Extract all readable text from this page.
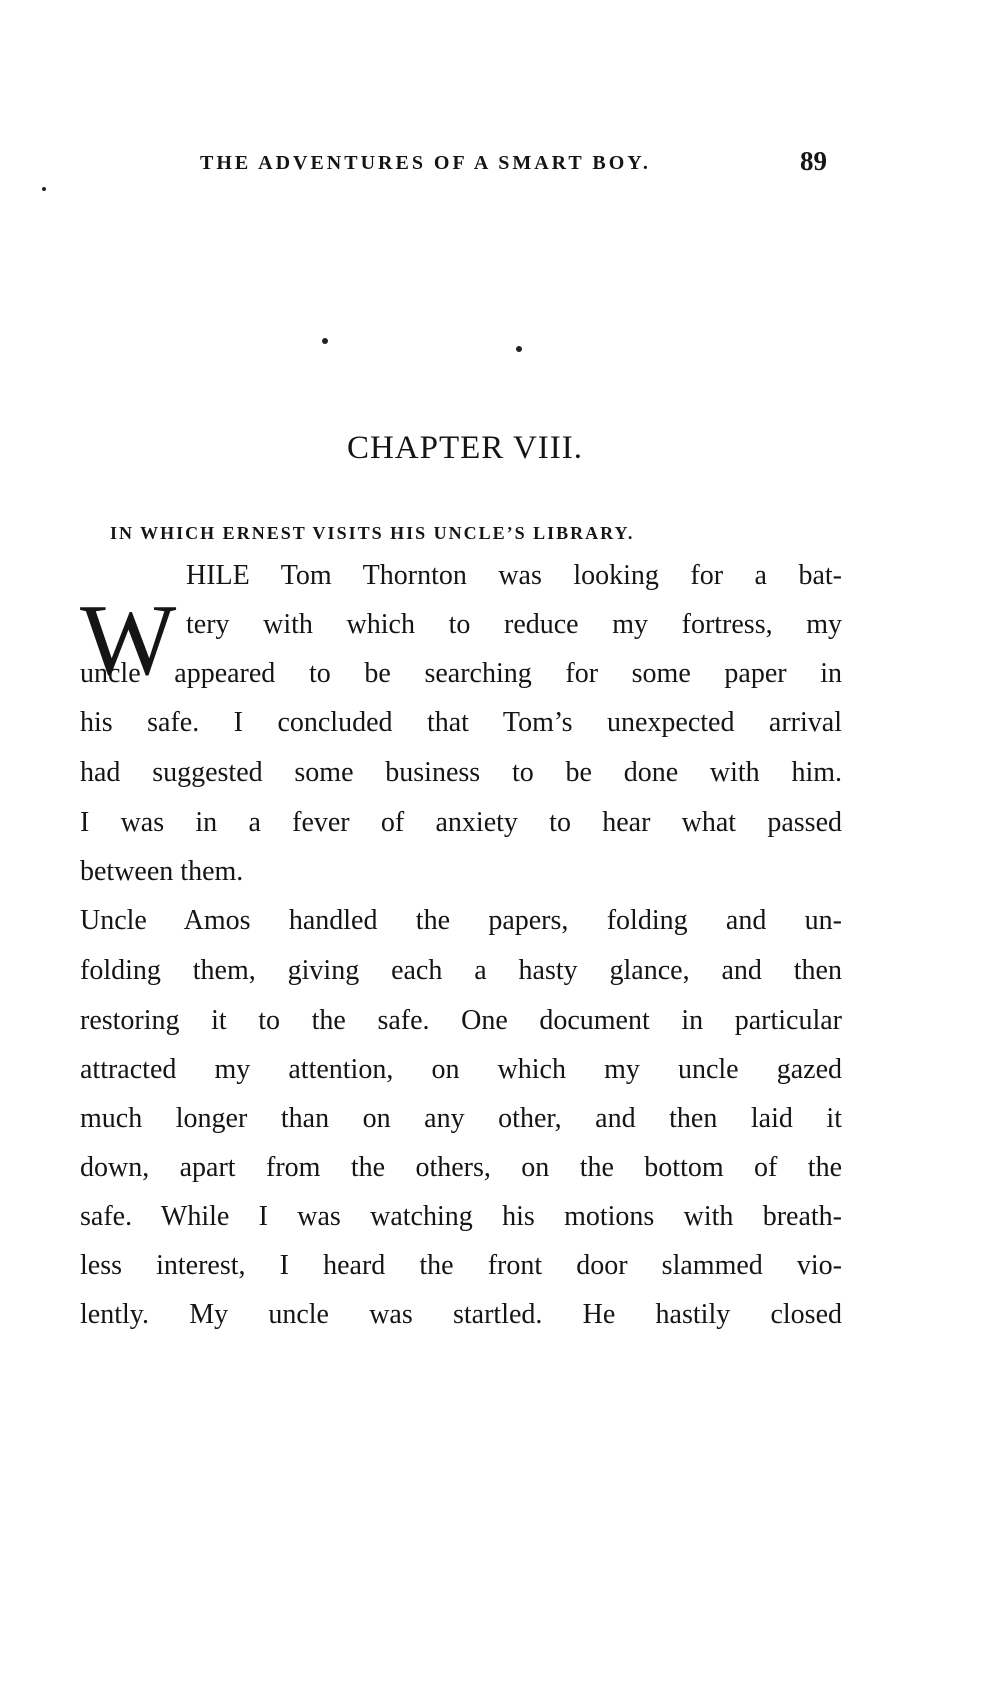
THE ADVENTURES OF A SMART BOY.	89
CHAPTER VIII.
IN WHICH ERNEST VISITS HIS UNCLE’S LIBRARY.
W
HILE Tom Thornton was looking for a bat-
tery with which to reduce my fortress, my
uncle appeared to be searching for some paper in
his safe. I concluded that Tom’s unexpected arrival
had suggested some business to be done with him.
I was in a fever of anxiety to hear what passed
between them.
Uncle Amos handled the papers, folding and un-
folding them, giving each a hasty glance, and then
restoring it to the safe. One document in particular
attracted my attention, on which my uncle gazed
much longer than on any other, and then laid it
down, apart from the others, on the bottom of the
safe. While I was watching his motions with breath-
less interest, I heard the front door slammed vio-
lently. My uncle was startled. He hastily closed
